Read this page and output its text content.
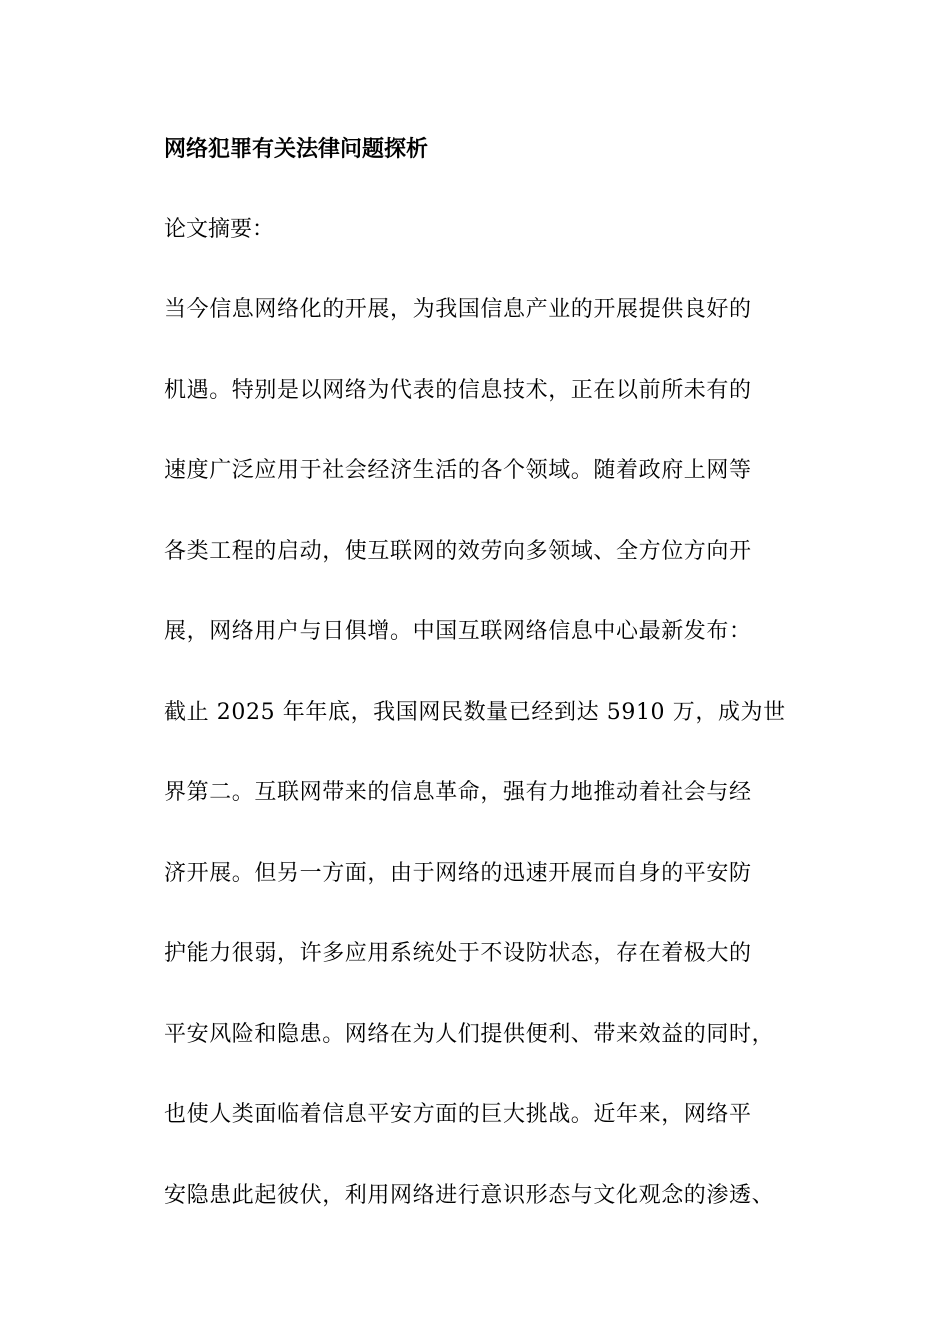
网络犯罪有关法律问题探析
论文摘要：
当今信息网络化的开展，为我国信息产业的开展提供良好的
机遇。特别是以网络为代表的信息技术，正在以前所未有的
速度广泛应用于社会经济生活的各个领域。随着政府上网等
各类工程的启动，使互联网的效劳向多领域、全方位方向开
展，网络用户与日俱增。中国互联网络信息中心最新发布：
截止 2025 年年底，我国网民数量已经到达 5910 万，成为世
界第二。互联网带来的信息革命，强有力地推动着社会与经
济开展。但另一方面，由于网络的迅速开展而自身的平安防
护能力很弱，许多应用系统处于不设防状态，存在着极大的
平安风险和隐患。网络在为人们提供便利、带来效益的同时，
也使人类面临着信息平安方面的巨大挑战。近年来，网络平
安隐患此起彼伏，利用网络进行意识形态与文化观念的渗透、
